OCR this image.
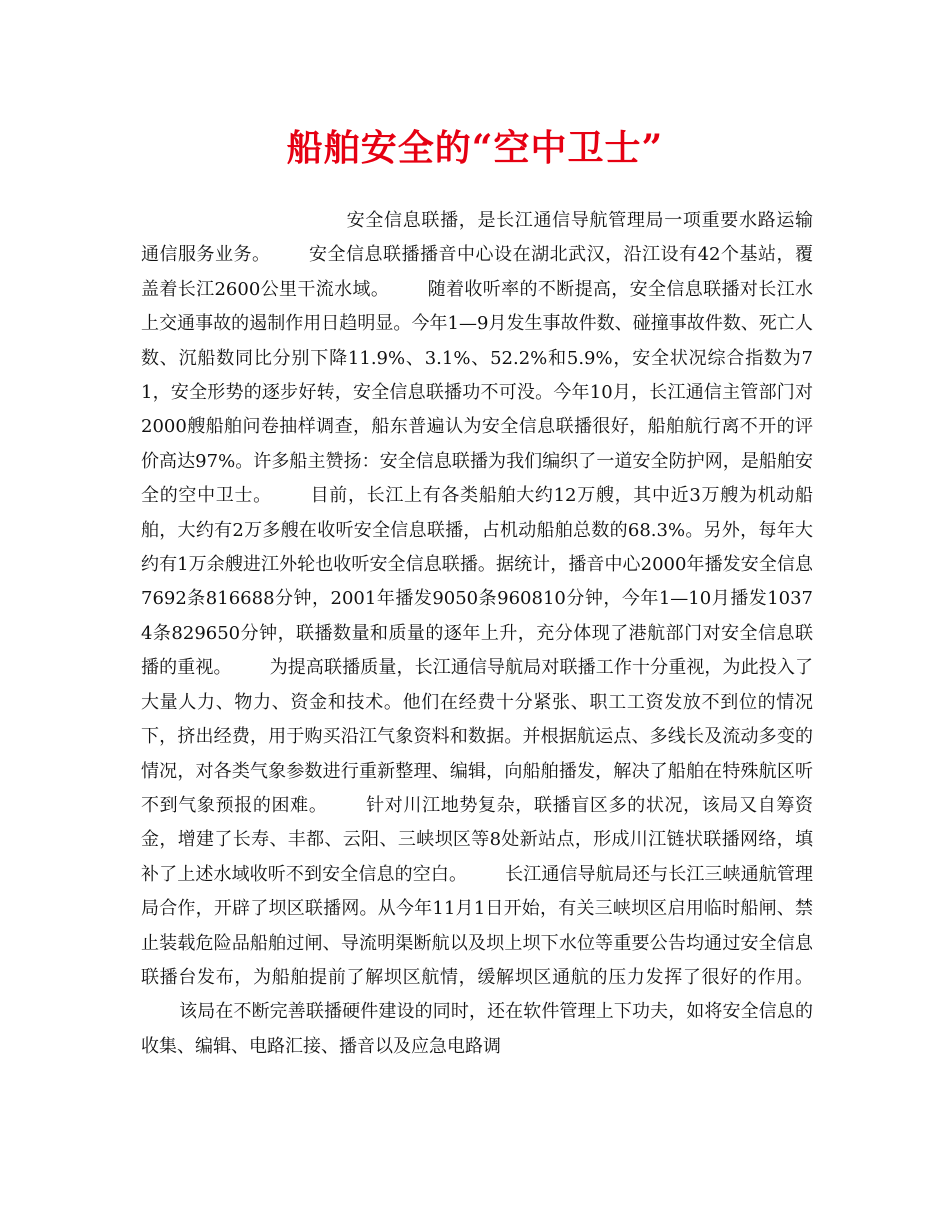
船舶安全的“空中卫士”
安全信息联播，是长江通信导航管理局一项重要水路运输通信服务业务。 安全信息联播播音中心设在湖北武汉，沿江设有42个基站，覆盖着长江2600公里干流水域。 随着收听率的不断提高，安全信息联播对长江水上交通事故的遏制作用日趋明显。今年1—9月发生事故件数、碰撞事故件数、死亡人数、沉船数同比分别下降11.9%、3.1%、52.2%和5.9%，安全状况综合指数为71，安全形势的逐步好转，安全信息联播功不可没。今年10月，长江通信主管部门对2000艘船舶问卷抽样调查，船东普遍认为安全信息联播很好，船舶航行离不开的评价高达97%。许多船主赞扬：安全信息联播为我们编织了一道安全防护网，是船舶安全的空中卫士。 目前，长江上有各类船舶大约12万艘，其中近3万艘为机动船舶，大约有2万多艘在收听安全信息联播，占机动船舶总数的68.3%。另外，每年大约有1万余艘进江外轮也收听安全信息联播。据统计，播音中心2000年播发安全信息7692条816688分钟，2001年播发9050条960810分钟，今年1—10月播发10374条829650分钟，联播数量和质量的逐年上升，充分体现了港航部门对安全信息联播的重视。 为提高联播质量，长江通信导航局对联播工作十分重视，为此投入了大量人力、物力、资金和技术。他们在经费十分紧张、职工工资发放不到位的情况下，挤出经费，用于购买沿江气象资料和数据。并根据航运点、多线长及流动多变的情况，对各类气象参数进行重新整理、编辑，向船舶播发，解决了船舶在特殊航区听不到气象预报的困难。 针对川江地势复杂，联播盲区多的状况，该局又自筹资金，增建了长寿、丰都、云阳、三峡坝区等8处新站点，形成川江链状联播网络，填补了上述水域收听不到安全信息的空白。 长江通信导航局还与长江三峡通航管理局合作，开辟了坝区联播网。从今年11月1日开始，有关三峡坝区启用临时船闸、禁止装载危险品船舶过闸、导流明渠断航以及坝上坝下水位等重要公告均通过安全信息联播台发布，为船舶提前了解坝区航情，缓解坝区通航的压力发挥了很好的作用。该局在不断完善联播硬件建设的同时，还在软件管理上下功夫，如将安全信息的收集、编辑、电路汇接、播音以及应急电路调
